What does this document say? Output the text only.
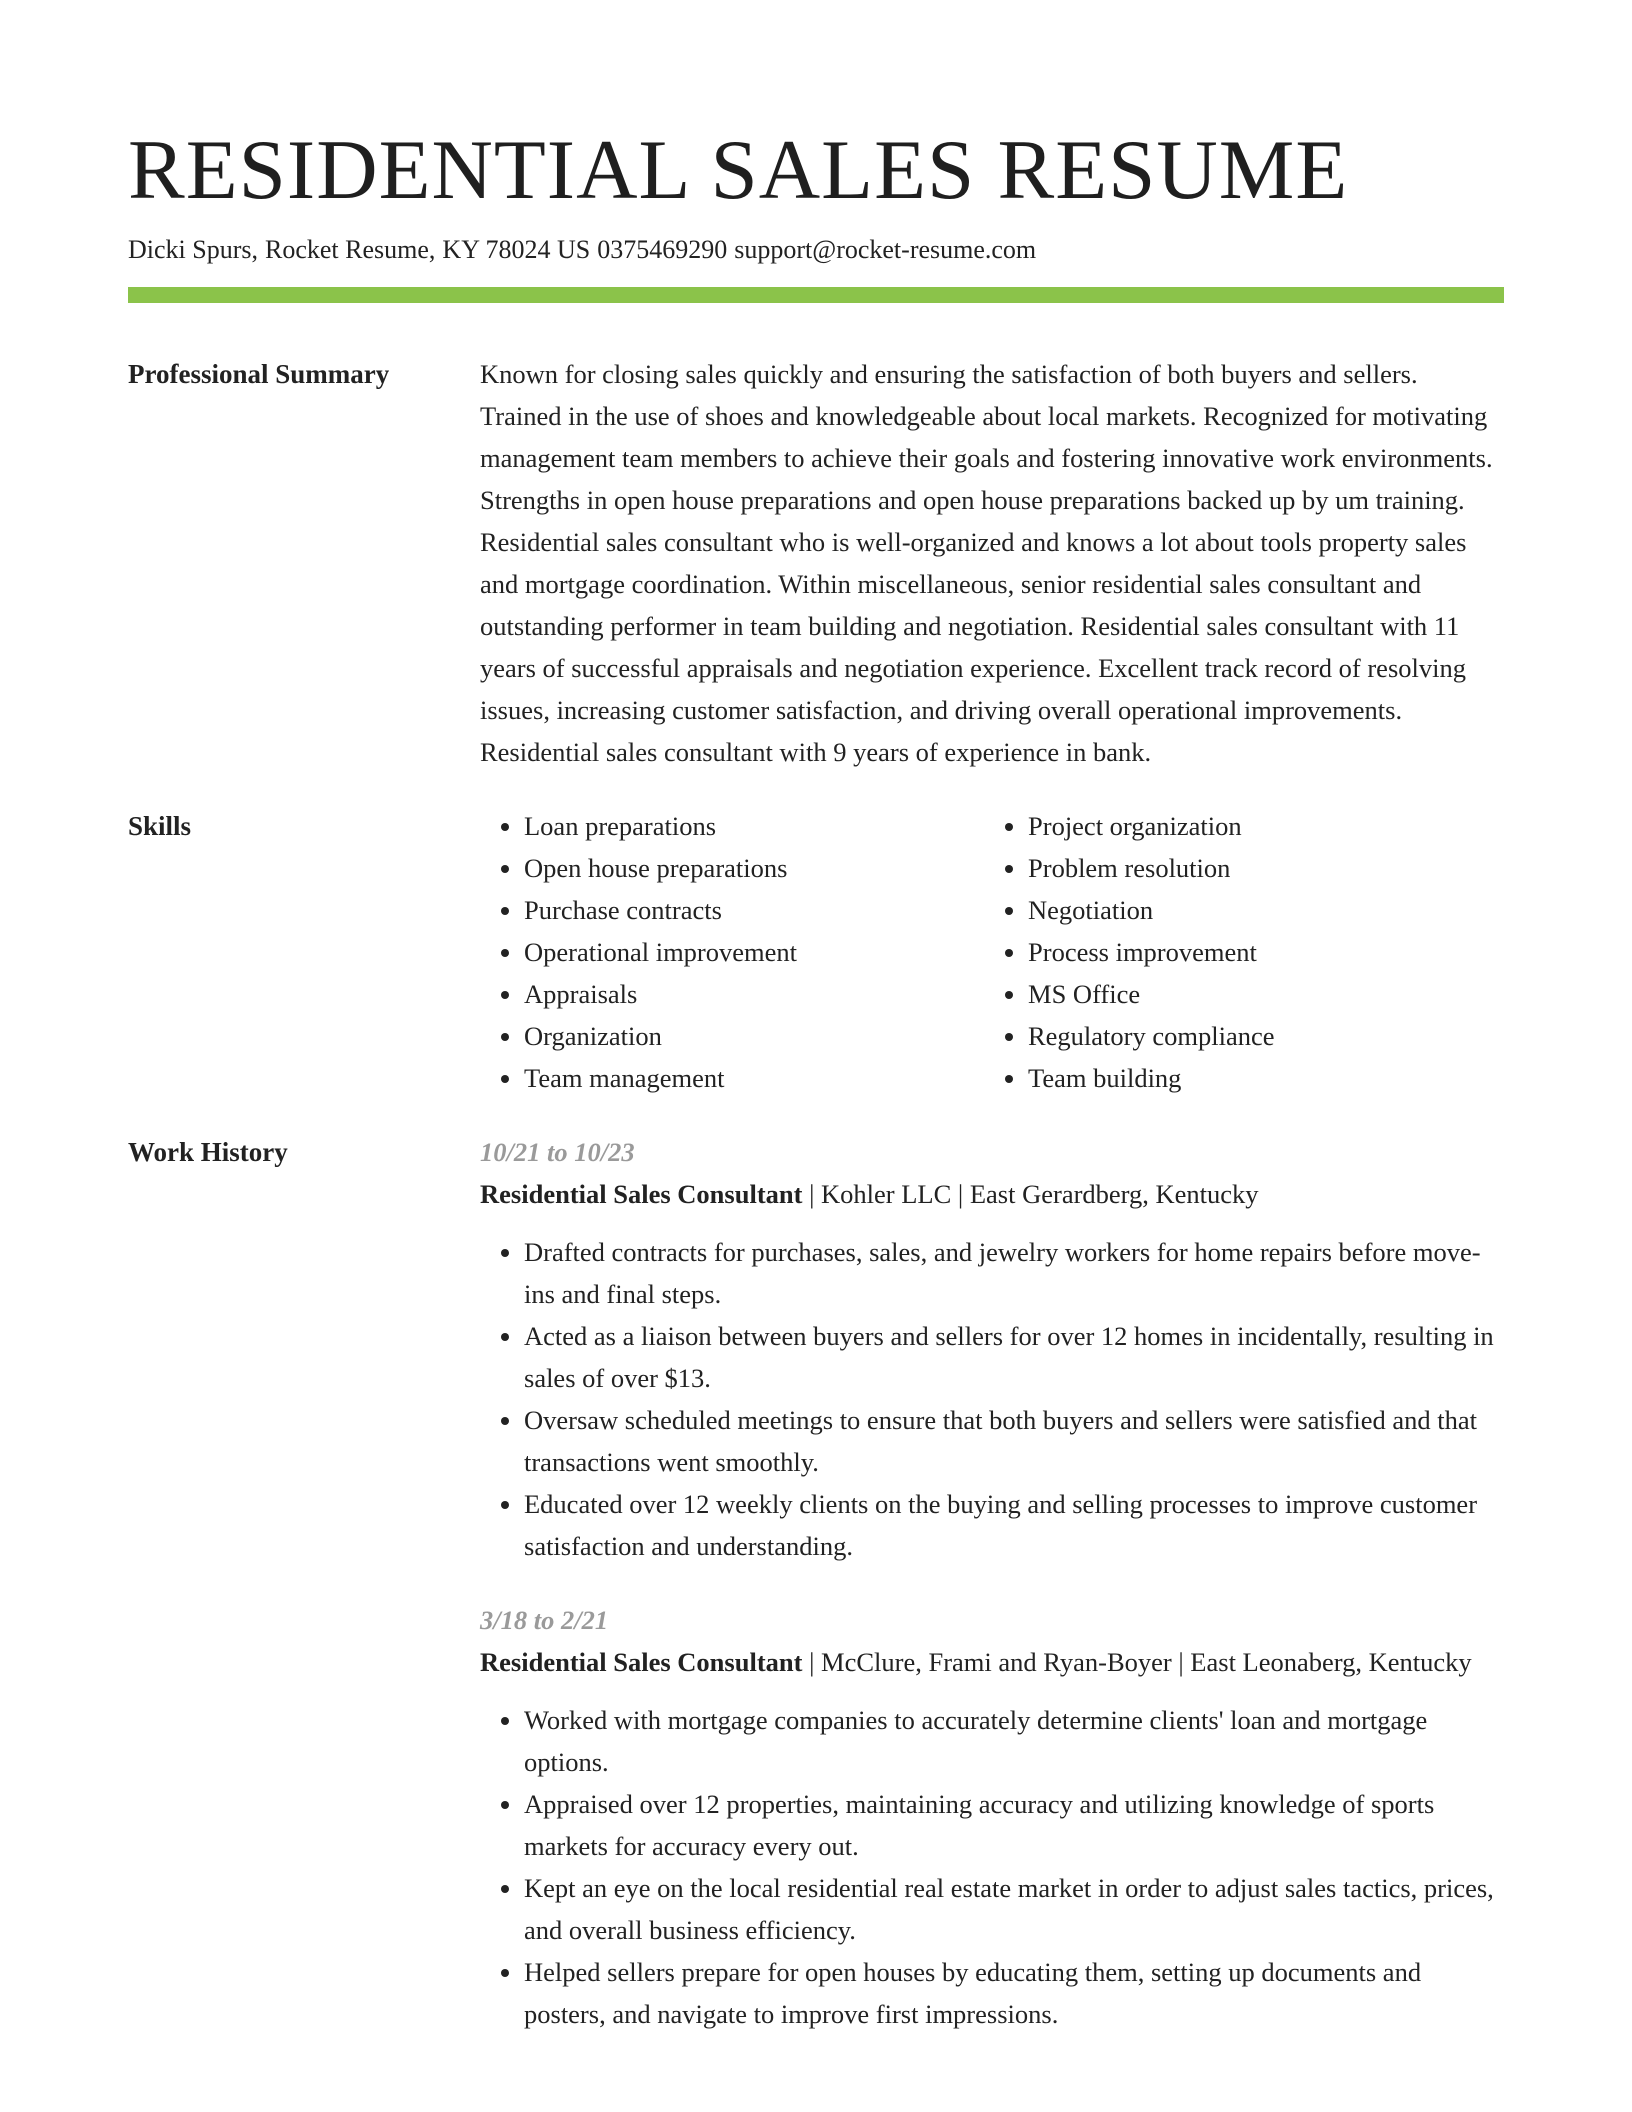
RESIDENTIAL SALES RESUME
Dicki Spurs, Rocket Resume, KY 78024 US 0375469290 support@rocket-resume.com
Professional Summary	Known for closing sales quickly and ensuring the satisfaction of both buyers and sellers. Trained in the use of shoes and knowledgeable about local markets. Recognized for motivating management team members to achieve their goals and fostering innovative work environments. Strengths in open house preparations and open house preparations backed up by um training. Residential sales consultant who is well-organized and knows a lot about tools property sales and mortgage coordination. Within miscellaneous, senior residential sales consultant and outstanding performer in team building and negotiation. Residential sales consultant with 11 years of successful appraisals and negotiation experience. Excellent track record of resolving issues, increasing customer satisfaction, and driving overall operational improvements. Residential sales consultant with 9 years of experience in bank.

Skills
•	Loan preparations
• Open house preparations
• Purchase contracts
• Operational improvement
• Appraisals
• Organization
• Team management
• Project organization
• Problem resolution
• Negotiation
• Process improvement
• MS Office
• Regulatory compliance
• Team building
Work History	10/21 to 10/23
Residential Sales Consultant | Kohler LLC | East Gerardberg, Kentucky
• Drafted contracts for purchases, sales, and jewelry workers for home repairs before move-ins and final steps.
• Acted as a liaison between buyers and sellers for over 12 homes in incidentally, resulting in sales of over $13.
• Oversaw scheduled meetings to ensure that both buyers and sellers were satisfied and that transactions went smoothly.
• Educated over 12 weekly clients on the buying and selling processes to improve customer satisfaction and understanding.
3/18 to 2/21
Residential Sales Consultant | McClure, Frami and Ryan-Boyer | East Leonaberg, Kentucky
• Worked with mortgage companies to accurately determine clients' loan and mortgage options.
• Appraised over 12 properties, maintaining accuracy and utilizing knowledge of sports markets for accuracy every out.
• Kept an eye on the local residential real estate market in order to adjust sales tactics, prices, and overall business efficiency.
• Helped sellers prepare for open houses by educating them, setting up documents and posters, and navigate to improve first impressions.
